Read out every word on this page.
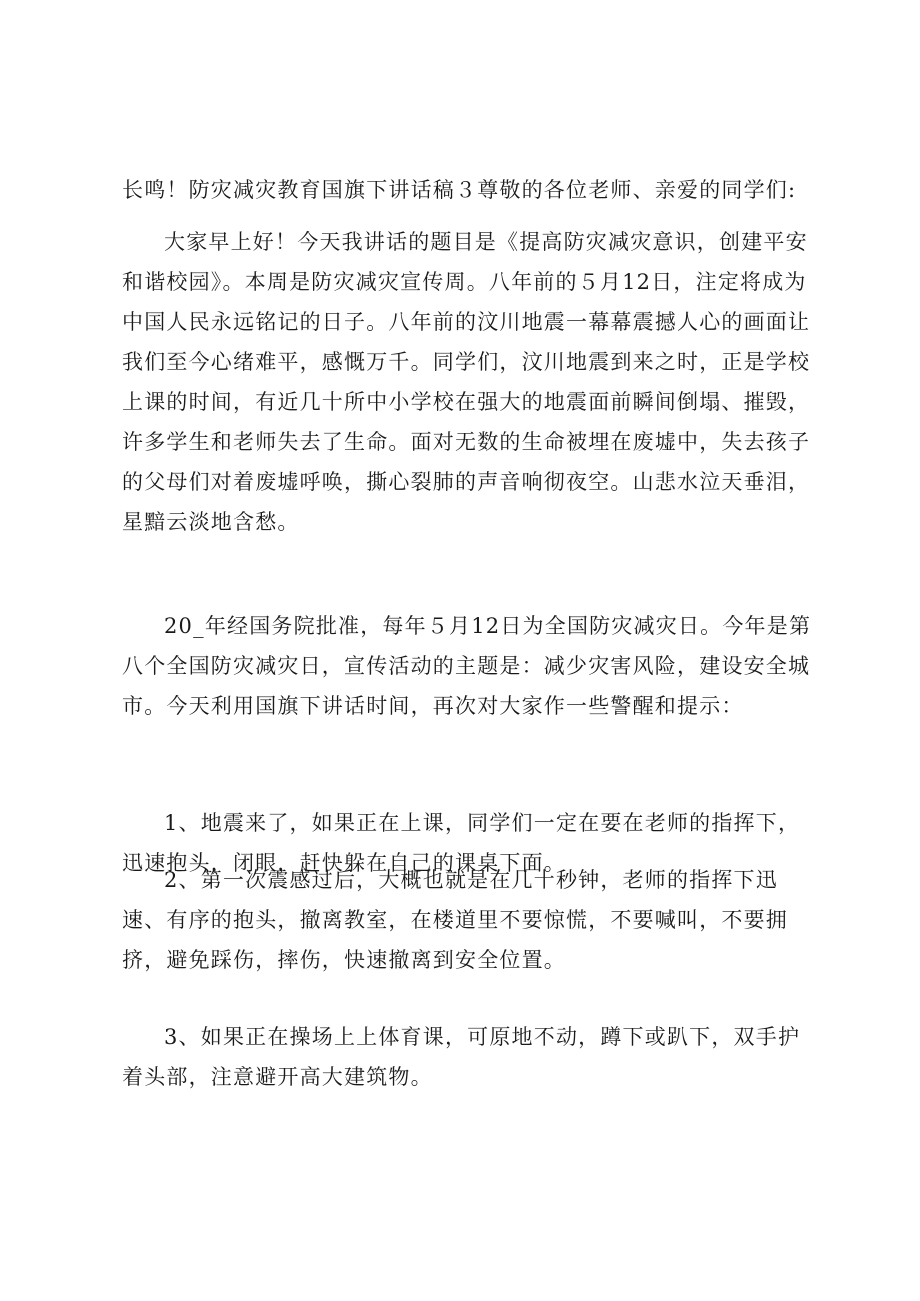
长鸣！防灾减灾教育国旗下讲话稿３尊敬的各位老师、亲爱的同学们:

大家早上好！今天我讲话的题目是《提高防灾减灾意识，创建平安和谐校园》。本周是防灾减灾宣传周。八年前的５月12日，注定将成为中国人民永远铭记的日子。八年前的汶川地震一幕幕震撼人心的画面让我们至今心绪难平，感慨万千。同学们，汶川地震到来之时，正是学校上课的时间，有近几十所中小学校在强大的地震面前瞬间倒塌、摧毁，许多学生和老师失去了生命。面对无数的生命被埋在废墟中，失去孩子的父母们对着废墟呼唤，撕心裂肺的声音响彻夜空。山悲水泣天垂泪，星黯云淡地含愁。

20_年经国务院批准，每年５月12日为全国防灾减灾日。今年是第八个全国防灾减灾日，宣传活动的主题是：减少灾害风险，建设安全城市。今天利用国旗下讲话时间，再次对大家作一些警醒和提示：

1、地震来了，如果正在上课，同学们一定在要在老师的指挥下，迅速抱头，闭眼，赶快躲在自己的课桌下面。

2、第一次震感过后，大概也就是在几十秒钟，老师的指挥下迅速、有序的抱头，撤离教室，在楼道里不要惊慌，不要喊叫，不要拥挤，避免踩伤，摔伤，快速撤离到安全位置。

3、如果正在操场上上体育课，可原地不动，蹲下或趴下，双手护着头部，注意避开高大建筑物。
